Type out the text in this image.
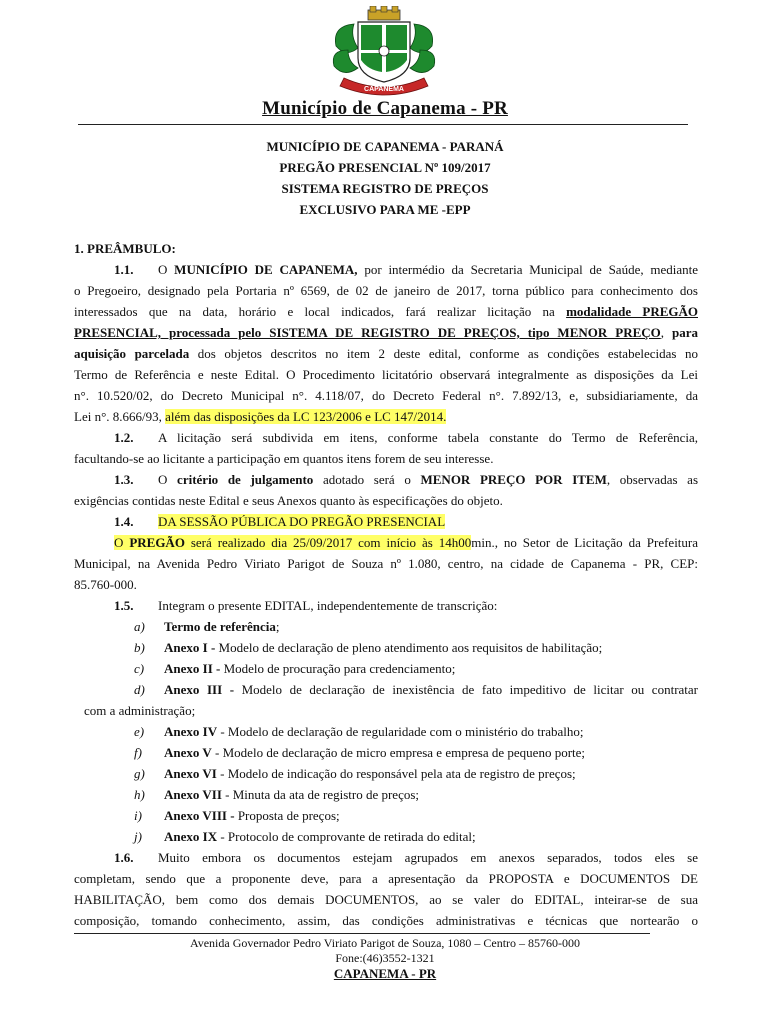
CAPANEMA
Município de Capanema - PR
MUNICÍPIO DE CAPANEMA - PARANÁ
PREGÃO PRESENCIAL Nº 109/2017
SISTEMA REGISTRO DE PREÇOS
EXCLUSIVO PARA ME -EPP
1. PREÂMBULO:
1.1. O MUNICÍPIO DE CAPANEMA, por intermédio da Secretaria Municipal de Saúde, mediante
o Pregoeiro, designado pela Portaria nº 6569, de 02 de janeiro de 2017, torna público para conhecimento dos
interessados que na data, horário e local indicados, fará realizar licitação na modalidade PREGÃO
PRESENCIAL, processada pelo SISTEMA DE REGISTRO DE PREÇOS, tipo MENOR PREÇO, para
aquisição parcelada dos objetos descritos no item 2 deste edital, conforme as condições estabelecidas no
Termo de Referência e neste Edital. O Procedimento licitatório observará integralmente as disposições da Lei
n°. 10.520/02, do Decreto Municipal n°. 4.118/07, do Decreto Federal n°. 7.892/13, e, subsidiariamente, da
Lei n°. 8.666/93, além das disposições da LC 123/2006 e LC 147/2014.
1.2. A licitação será subdivida em itens, conforme tabela constante do Termo de Referência,
facultando-se ao licitante a participação em quantos itens forem de seu interesse.
1.3. O critério de julgamento adotado será o MENOR PREÇO POR ITEM, observadas as
exigências contidas neste Edital e seus Anexos quanto às especificações do objeto.
1.4. DA SESSÃO PÚBLICA DO PREGÃO PRESENCIAL
O PREGÃO será realizado dia 25/09/2017 com início às 14h00min., no Setor de Licitação da Prefeitura
Municipal, na Avenida Pedro Viriato Parigot de Souza nº 1.080, centro, na cidade de Capanema - PR, CEP:
85.760-000.
1.5. Integram o presente EDITAL, independentemente de transcrição:
a) Termo de referência;
b) Anexo I - Modelo de declaração de pleno atendimento aos requisitos de habilitação;
c) Anexo II - Modelo de procuração para credenciamento;
d) Anexo III - Modelo de declaração de inexistência de fato impeditivo de licitar ou contratar
com a administração;
e) Anexo IV - Modelo de declaração de regularidade com o ministério do trabalho;
f) Anexo V - Modelo de declaração de micro empresa e empresa de pequeno porte;
g) Anexo VI - Modelo de indicação do responsável pela ata de registro de preços;
h) Anexo VII - Minuta da ata de registro de preços;
i) Anexo VIII - Proposta de preços;
j) Anexo IX - Protocolo de comprovante de retirada do edital;
1.6. Muito embora os documentos estejam agrupados em anexos separados, todos eles se
completam, sendo que a proponente deve, para a apresentação da PROPOSTA e DOCUMENTOS DE
HABILITAÇÃO, bem como dos demais DOCUMENTOS, ao se valer do EDITAL, inteirar-se de sua
composição, tomando conhecimento, assim, das condições administrativas e técnicas que nortearão o
Avenida Governador Pedro Viriato Parigot de Souza, 1080 – Centro – 85760-000
Fone:(46)3552-1321
CAPANEMA - PR
